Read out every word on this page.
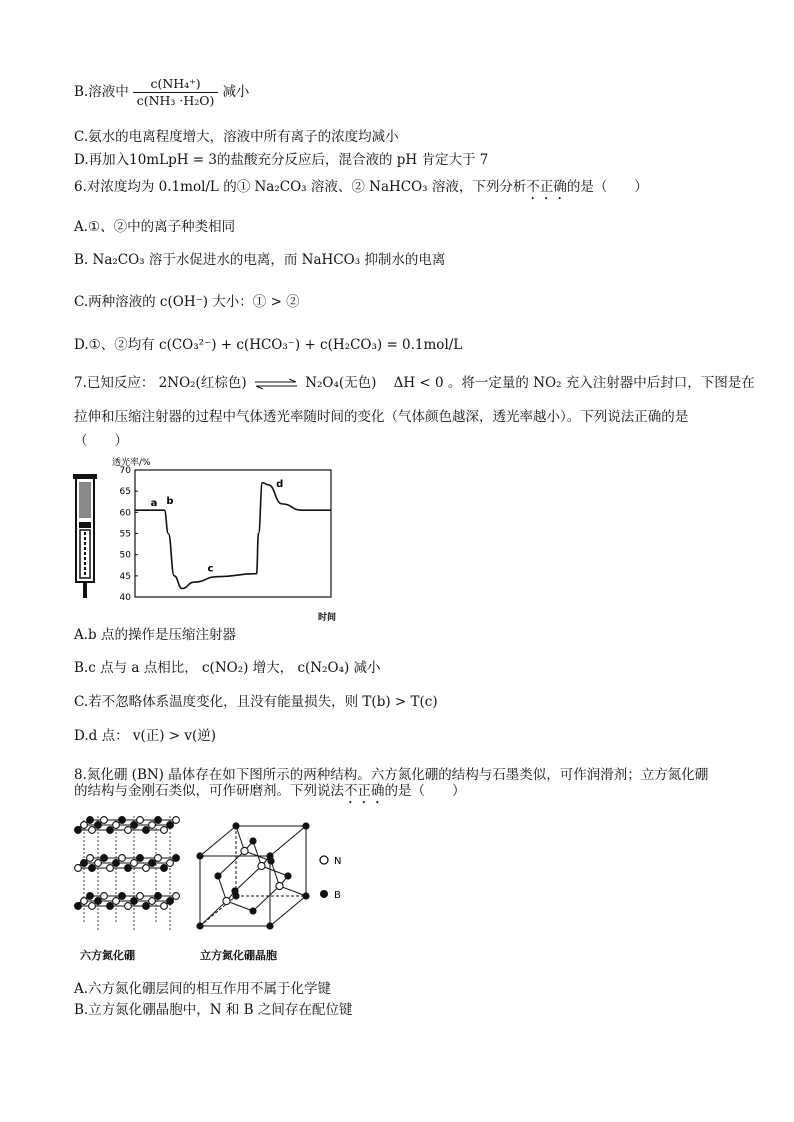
B.溶液中 $\frac{\text{c(NH₄⁺)}}{\text{c(NH₃ ·H₂O)}}$ 减小
C.氨水的电离程度增大，溶液中所有离子的浓度均减小
D.再加入10mLpH = 3的盐酸充分反应后，混合液的 pH 肯定大于 7
6.对浓度均为 0.1mol/L 的① Na₂CO₃ 溶液、② NaHCO₃ 溶液，下列分析不正确的是（　　）
A.①、②中的离子种类相同
B. Na₂CO₃ 溶于水促进水的电离，而 NaHCO₃ 抑制水的电离
C.两种溶液的 c(OH⁻) 大小：① > ②
D.①、②均有 c(CO₃²⁻) + c(HCO₃⁻) + c(H₂CO₃) = 0.1mol/L
7.已知反应： 2NO₂(红棕色) ⇌ N₂O₄(无色) ΔH < 0 。将一定量的 NO₂ 充入注射器中后封口，下图是在
拉伸和压缩注射器的过程中气体透光率随时间的变化（气体颜色越深，透光率越小）。下列说法正确的是
（　　）
透光率/%
时间
40
45
50
55
60
65
70
a b
c
d
A.b 点的操作是压缩注射器
B.c 点与 a 点相比， c(NO₂) 增大， c(N₂O₄) 减小
C.若不忽略体系温度变化，且没有能量损失，则 T(b) > T(c)
D.d 点： v(正) > v(逆)
8.氮化硼 (BN) 晶体存在如下图所示的两种结构。六方氮化硼的结构与石墨类似，可作润滑剂；立方氮化硼
的结构与金刚石类似，可作研磨剂。下列说法不正确的是（　　）
六方氮化硼	立方氮化硼晶胞
N
B
A.六方氮化硼层间的相互作用不属于化学键
B.立方氮化硼晶胞中，N 和 B 之间存在配位键
